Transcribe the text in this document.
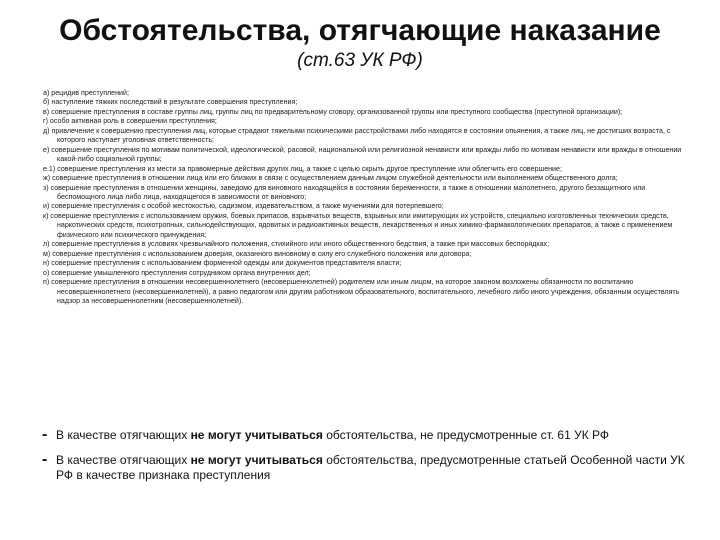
Обстоятельства, отягчающие наказание
(ст.63 УК РФ)
а) рецидив преступлений;
б) наступление тяжких последствий в результате совершения преступления;
в) совершение преступления в составе группы лиц, группы лиц по предварительному сговору, организованной группы или преступного сообщества (преступной организации);
г) особо активная роль в совершении преступления;
д) привлечение к совершению преступления лиц, которые страдают тяжелыми психическими расстройствами либо находятся в состоянии опьянения, а также лиц, не достигших возраста, с которого наступает уголовная ответственность;
е) совершение преступления по мотивам политической, идеологической, расовой, национальной или религиозной ненависти или вражды либо по мотивам ненависти или вражды в отношении какой-либо социальной группы;
е.1) совершение преступления из мести за правомерные действия других лиц, а также с целью скрыть другое преступление или облегчить его совершение;
ж) совершение преступления в отношении лица или его близких в связи с осуществлением данным лицом служебной деятельности или выполнением общественного долга;
з) совершение преступления в отношении женщины, заведомо для виновного находящейся в состоянии беременности, а также в отношении малолетнего, другого беззащитного или беспомощного лица либо лица, находящегося в зависимости от виновного;
и) совершение преступления с особой жестокостью, садизмом, издевательством, а также мучениями для потерпевшего;
к) совершение преступления с использованием оружия, боевых припасов, взрывчатых веществ, взрывных или имитирующих их устройств, специально изготовленных технических средств, наркотических средств, психотропных, сильнодействующих, ядовитых и радиоактивных веществ, лекарственных и иных химико-фармакологических препаратов, а также с применением физического или психического принуждения;
л) совершение преступления в условиях чрезвычайного положения, стихийного или иного общественного бедствия, а также при массовых беспорядках;
м) совершение преступления с использованием доверия, оказанного виновному в силу его служебного положения или договора;
н) совершение преступления с использованием форменной одежды или документов представителя власти;
о) совершение умышленного преступления сотрудником органа внутренних дел;
п) совершение преступления в отношении несовершеннолетнего (несовершеннолетней) родителем или иным лицом, на которое законом возложены обязанности по воспитанию несовершеннолетнего (несовершеннолетней), а равно педагогом или другим работником образовательного, воспитательного, лечебного либо иного учреждения, обязанным осуществлять надзор за несовершеннолетним (несовершеннолетней).
- В качестве отягчающих не могут учитываться обстоятельства, не предусмотренные ст. 61 УК РФ
- В качестве отягчающих не могут учитываться обстоятельства, предусмотренные статьей Особенной части УК РФ в качестве признака преступления
